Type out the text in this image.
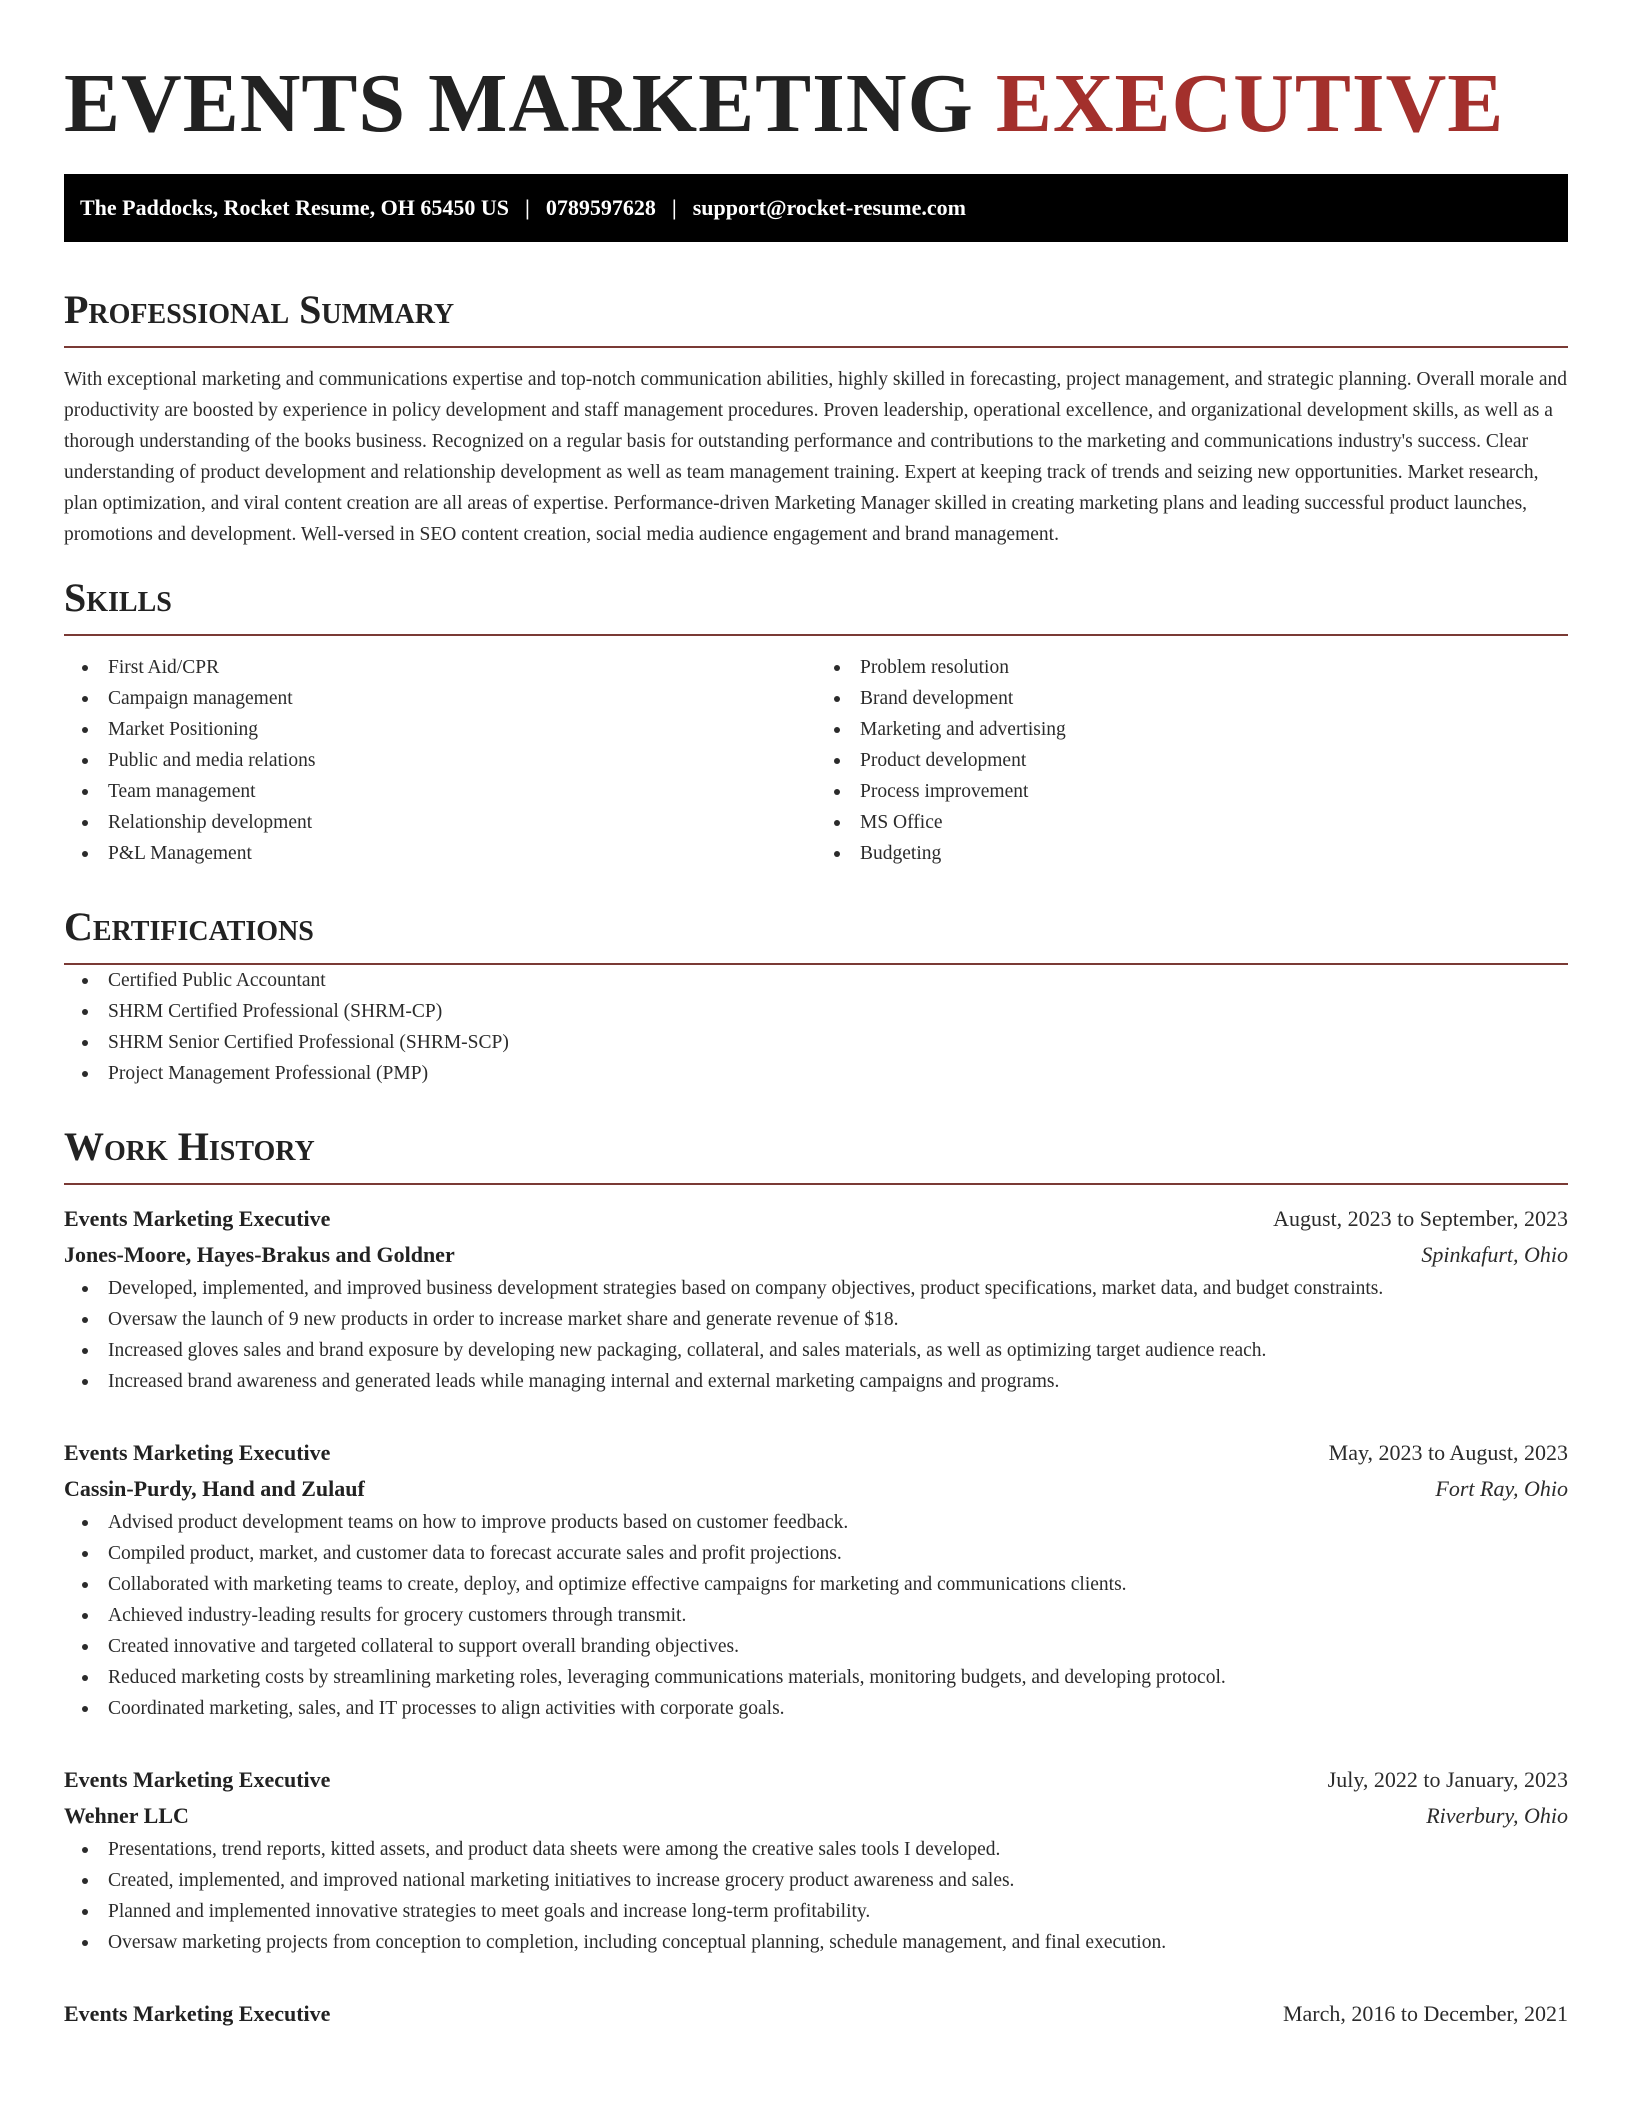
EVENTS MARKETING EXECUTIVE
The Paddocks, Rocket Resume, OH 65450 US | 0789597628 | support@rocket-resume.com
Professional Summary

With exceptional marketing and communications expertise and top-notch communication abilities, highly skilled in forecasting, project management, and strategic planning. Overall morale and productivity are boosted by experience in policy development and staff management procedures. Proven leadership, operational excellence, and organizational development skills, as well as a thorough understanding of the books business. Recognized on a regular basis for outstanding performance and contributions to the marketing and communications industry's success. Clear understanding of product development and relationship development as well as team management training. Expert at keeping track of trends and seizing new opportunities. Market research, plan optimization, and viral content creation are all areas of expertise. Performance-driven Marketing Manager skilled in creating marketing plans and leading successful product launches, promotions and development. Well-versed in SEO content creation, social media audience engagement and brand management.

Skills
First Aid/CPR
Campaign management
Market Positioning
Public and media relations
Team management
Relationship development
P&L Management
Problem resolution
Brand development
Marketing and advertising
Product development
Process improvement
MS Office
Budgeting
Certifications
Certified Public Accountant
SHRM Certified Professional (SHRM-CP)
SHRM Senior Certified Professional (SHRM-SCP)
Project Management Professional (PMP)
Work History
Events Marketing Executive	August, 2023 to September, 2023
Jones-Moore, Hayes-Brakus and Goldner	Spinkafurt, Ohio
Developed, implemented, and improved business development strategies based on company objectives, product specifications, market data, and budget constraints.
Oversaw the launch of 9 new products in order to increase market share and generate revenue of $18.
Increased gloves sales and brand exposure by developing new packaging, collateral, and sales materials, as well as optimizing target audience reach.
Increased brand awareness and generated leads while managing internal and external marketing campaigns and programs.
Events Marketing Executive	May, 2023 to August, 2023
Cassin-Purdy, Hand and Zulauf	Fort Ray, Ohio
Advised product development teams on how to improve products based on customer feedback.
Compiled product, market, and customer data to forecast accurate sales and profit projections.
Collaborated with marketing teams to create, deploy, and optimize effective campaigns for marketing and communications clients.
Achieved industry-leading results for grocery customers through transmit.
Created innovative and targeted collateral to support overall branding objectives.
Reduced marketing costs by streamlining marketing roles, leveraging communications materials, monitoring budgets, and developing protocol.
Coordinated marketing, sales, and IT processes to align activities with corporate goals.
Events Marketing Executive	July, 2022 to January, 2023
Wehner LLC	Riverbury, Ohio
Presentations, trend reports, kitted assets, and product data sheets were among the creative sales tools I developed.
Created, implemented, and improved national marketing initiatives to increase grocery product awareness and sales.
Planned and implemented innovative strategies to meet goals and increase long-term profitability.
Oversaw marketing projects from conception to completion, including conceptual planning, schedule management, and final execution.
Events Marketing Executive	March, 2016 to December, 2021
